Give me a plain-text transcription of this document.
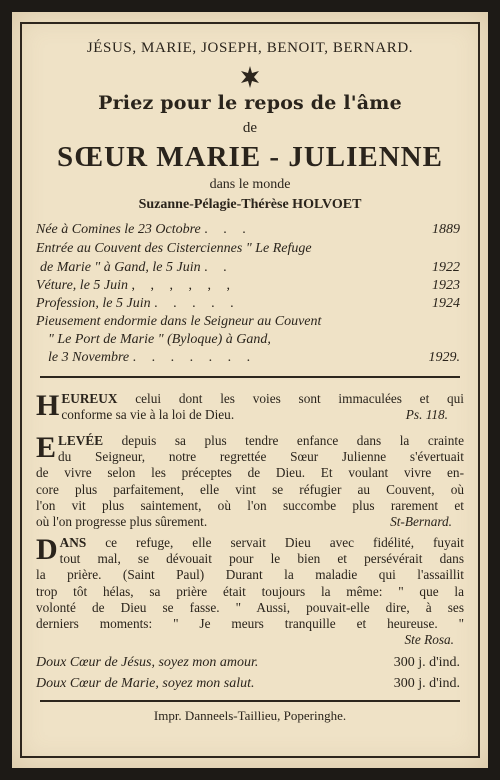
JÉSUS, MARIE, JOSEPH, BENOIT, BERNARD.
Priez pour le repos de l'âme
de
SŒUR MARIE - JULIENNE
dans le monde
Suzanne-Pélagie-Thérèse HOLVOET
Née à Comines le 23 Octobre . . .	1889
Entrée au Couvent des Cisterciennes " Le Refuge
de Marie " à Gand, le 5 Juin . .	1922
Véture, le 5 Juin , , , , , ,	1923
Profession, le 5 Juin . . . . .	1924
Pieusement endormie dans le Seigneur au Couvent
" Le Port de Marie " (Byloque) à Gand,
le 3 Novembre . . . . . . .	1929.
H EUREUX celui dont les voies sont immaculées et qui

conforme sa vie à la loi de Dieu.	Ps. 118.

E LEVÉE depuis sa plus tendre enfance dans la crainte

du Seigneur, notre regrettée Sœur Julienne s'évertuait

de vivre selon les préceptes de Dieu. Et voulant vivre en-

core plus parfaitement, elle vint se réfugier au Couvent, où

l'on vit plus saintement, où l'on succombe plus rarement et

où l'on progresse plus sûrement.	St-Bernard.

D ANS ce refuge, elle servait Dieu avec fidélité, fuyait

tout mal, se dévouait pour le bien et persévérait dans

la prière. (Saint Paul) Durant la maladie qui l'assaillit

trop tôt hélas, sa prière était toujours la même: " que la

volonté de Dieu se fasse. " Aussi, pouvait-elle dire, à ses

derniers moments: " Je meurs tranquille et heureuse. "

Ste Rosa.

Doux Cœur de Jésus, soyez mon amour.	300 j. d'ind.
Doux Cœur de Marie, soyez mon salut.	300 j. d'ind.
Impr. Danneels-Taillieu, Poperinghe.
